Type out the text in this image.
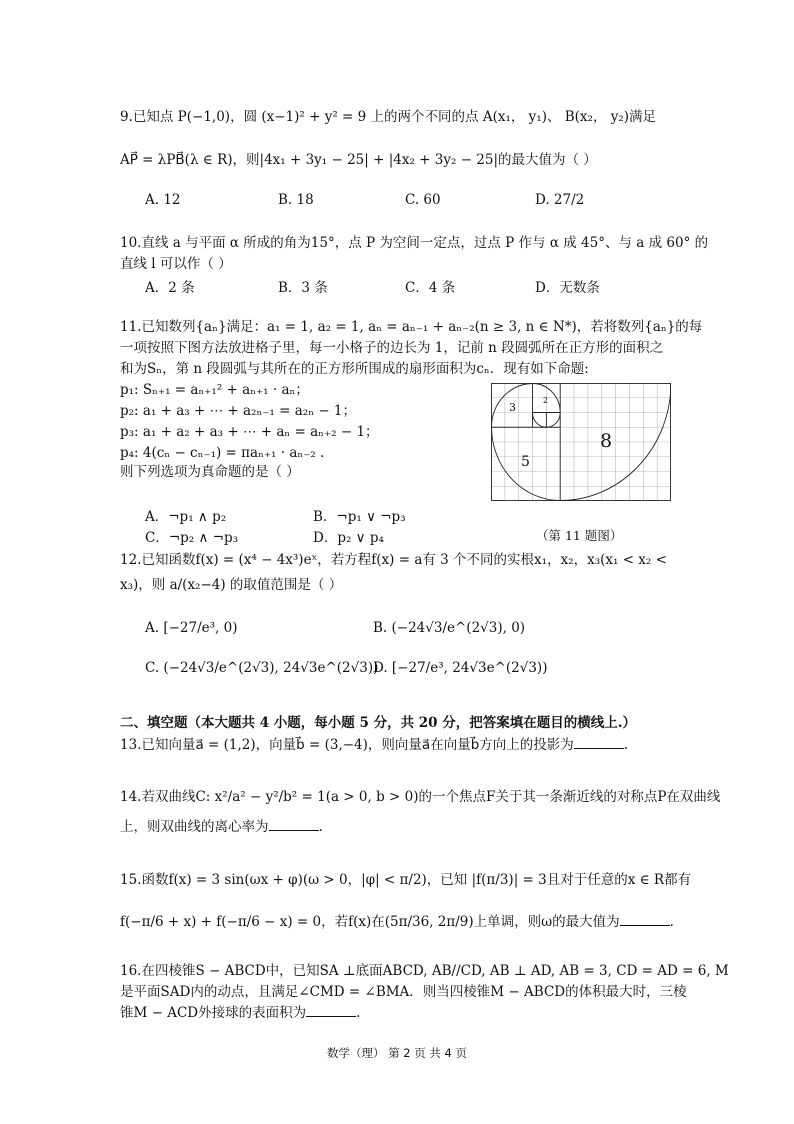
9.已知点 P(−1,0)，圆 (x−1)² + y² = 9 上的两个不同的点 A(x₁， y₁)、 B(x₂， y₂)满足
AP⃗ = λPB⃗(λ ∈ R)，则|4x₁ + 3y₁ − 25| + |4x₂ + 3y₂ − 25|的最大值为（ ）
A. 12	B. 18	C. 60	D. 27/2
10.直线 a 与平面 α 所成的角为15°，点 P 为空间一定点，过点 P 作与 α 成 45°、与 a 成 60° 的
直线 l 可以作（ ）
A．2 条	B．3 条	C．4 条	D．无数条
11.已知数列{aₙ}满足：a₁ = 1, a₂ = 1, aₙ = aₙ₋₁ + aₙ₋₂(n ≥ 3, n ∈ N*)，若将数列{aₙ}的每
一项按照下图方法放进格子里，每一小格子的边长为 1，记前 n 段圆弧所在正方形的面积之
和为Sₙ，第 n 段圆弧与其所在的正方形所围成的扇形面积为cₙ．现有如下命题:
p₁: Sₙ₊₁ = aₙ₊₁² + aₙ₊₁ · aₙ；
p₂: a₁ + a₃ + ⋯ + a₂ₙ₋₁ = a₂ₙ − 1；
p₃: a₁ + a₂ + a₃ + ⋯ + aₙ = aₙ₊₂ − 1；
p₄: 4(cₙ − cₙ₋₁) = πaₙ₊₁ · aₙ₋₂ .
则下列选项为真命题的是（ ）
3
2
8
5
A．¬p₁ ∧ p₂	B．¬p₁ ∨ ¬p₃
C．¬p₂ ∧ ¬p₃	D．p₂ ∨ p₄	（第 11 题图）
12.已知函数f(x) = (x⁴ − 4x³)eˣ，若方程f(x) = a有 3 个不同的实根x₁，x₂，x₃(x₁ < x₂ <
x₃)，则 a/(x₂−4) 的取值范围是（ ）
A. [−27/e³, 0)	B. (−24√3/e^(2√3), 0)
C. (−24√3/e^(2√3), 24√3e^(2√3))
D. [−27/e³, 24√3e^(2√3))
二、填空题（本大题共 4 小题，每小题 5 分，共 20 分，把答案填在题目的横线上.）
13.已知向量a⃗ = (1,2)，向量b⃗ = (3,−4)，则向量a⃗在向量b⃗方向上的投影为	.
14.若双曲线C: x²/a² − y²/b² = 1(a > 0, b > 0)的一个焦点F关于其一条渐近线的对称点P在双曲线
上，则双曲线的离心率为	.
15.函数f(x) = 3 sin(ωx + φ)(ω > 0，|φ| < π/2)，已知 |f(π/3)| = 3且对于任意的x ∈ R都有
f(−π/6 + x) + f(−π/6 − x) = 0，若f(x)在(5π/36, 2π/9)上单调，则ω的最大值为	.
16.在四棱锥S − ABCD中，已知SA ⊥底面ABCD, AB//CD, AB ⊥ AD, AB = 3, CD = AD = 6, M
是平面SAD内的动点，且满足∠CMD = ∠BMA．则当四棱锥M − ABCD的体积最大时，三棱
锥M − ACD外接球的表面积为	.
数学（理） 第 2 页 共 4 页
